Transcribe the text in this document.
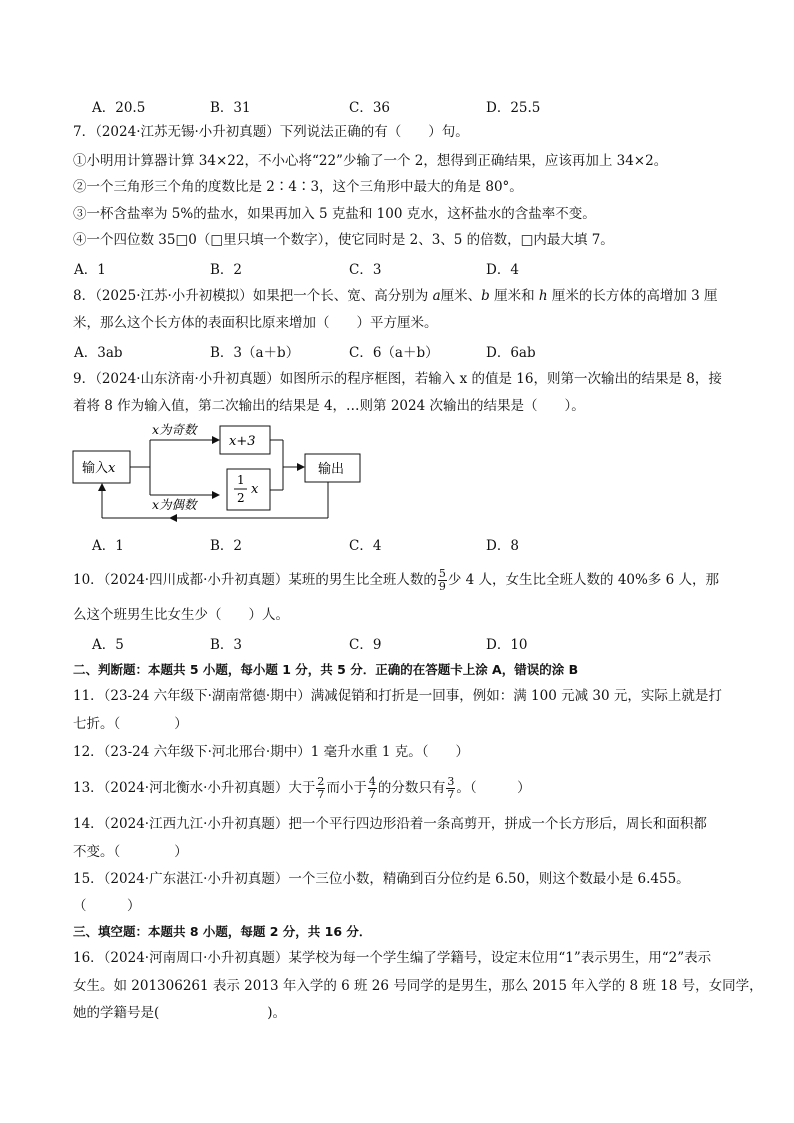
A．20.5	B．31	C．36	D．25.5
7．（2024·江苏无锡·小升初真题）下列说法正确的有（　　）句。
①小明用计算器计算 34×22，不小心将“22”少输了一个 2，想得到正确结果，应该再加上 34×2。
②一个三角形三个角的度数比是 2∶4∶3，这个三角形中最大的角是 80°。
③一杯含盐率为 5%的盐水，如果再加入 5 克盐和 100 克水，这杯盐水的含盐率不变。
④一个四位数 35□0（□里只填一个数字），使它同时是 2、3、5 的倍数，□内最大填 7。
A．1	B．2	C．3	D．4
8．（2025·江苏·小升初模拟）如果把一个长、宽、高分别为 a厘米、b 厘米和 h 厘米的长方体的高增加 3 厘
米，那么这个长方体的表面积比原来增加（　　）平方厘米。
A．3ab	B．3（a＋b）	C．6（a＋b）	D．6ab
9．（2024·山东济南·小升初真题）如图所示的程序框图，若输入 x 的值是 16，则第一次输出的结果是 8，接
着将 8 作为输入值，第二次输出的结果是 4，…则第 2024 次输出的结果是（　　）。
输入x
x为奇数
x为偶数
x+3
1
2
x
输出
A．1	B．2	C．4	D．8
10．（2024·四川成都·小升初真题）某班的男生比全班人数的 $\frac{5}{9}$ 少 4 人，女生比全班人数的 40%多 6 人，那
么这个班男生比女生少（　　）人。
A．5	B．3	C．9	D．10
二、判断题：本题共 5 小题，每小题 1 分，共 5 分．正确的在答题卡上涂 A，错误的涂 B
11．（23-24 六年级下·湖南常德·期中）满减促销和打折是一回事，例如：满 100 元减 30 元，实际上就是打
七折。（　　　　）
12．（23-24 六年级下·河北邢台·期中）1 毫升水重 1 克。（　　）
13．（2024·河北衡水·小升初真题）大于 $\frac{2}{7}$ 而小于 $\frac{4}{7}$ 的分数只有 $\frac{3}{7}$ 。（　　　）
14．（2024·江西九江·小升初真题）把一个平行四边形沿着一条高剪开，拼成一个长方形后，周长和面积都
不变。（　　　　）
15．（2024·广东湛江·小升初真题）一个三位小数，精确到百分位约是 6.50，则这个数最小是 6.455。
（　　　）
三、填空题：本题共 8 小题，每题 2 分，共 16 分．
16．（2024·河南周口·小升初真题）某学校为每一个学生编了学籍号，设定末位用“1”表示男生，用“2”表示
女生。如 201306261 表示 2013 年入学的 6 班 26 号同学的是男生，那么 2015 年入学的 8 班 18 号，女同学，
她的学籍号是(　　　　　　　　)。
